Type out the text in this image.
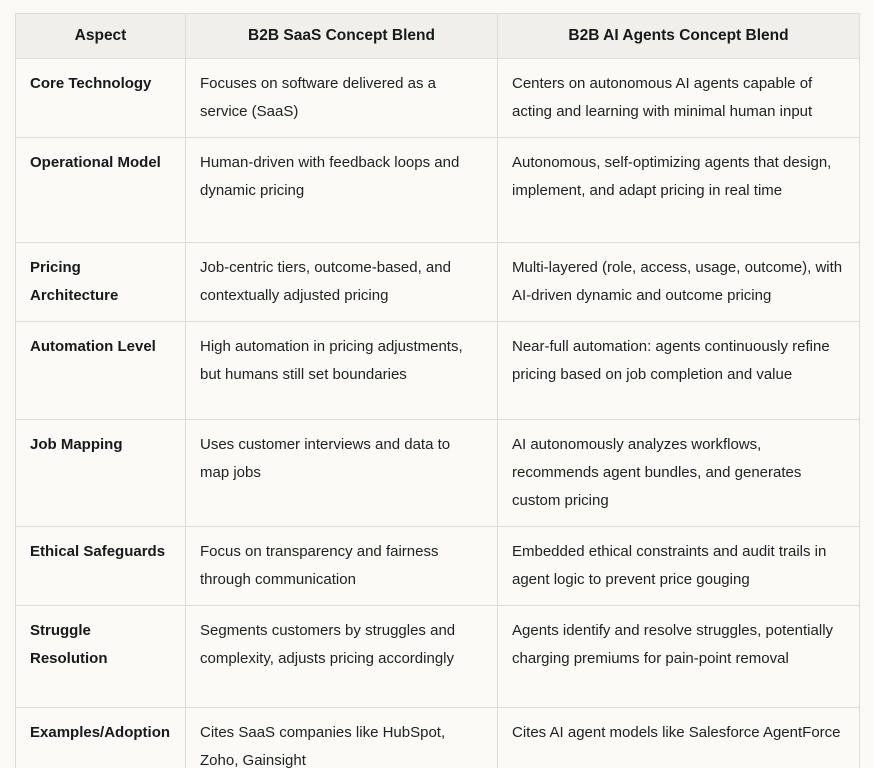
Aspect	B2B SaaS Concept Blend	B2B AI Agents Concept Blend
Core Technology	Focuses on software delivered as a service (SaaS)	Centers on autonomous AI agents capable of acting and learning with minimal human input
Operational Model	Human-driven with feedback loops and dynamic pricing	Autonomous, self-optimizing agents that design, implement, and adapt pricing in real time
Pricing Architecture	Job-centric tiers, outcome-based, and contextually adjusted pricing	Multi-layered (role, access, usage, outcome), with AI-driven dynamic and outcome pricing
Automation Level	High automation in pricing adjustments, but humans still set boundaries	Near-full automation: agents continuously refine pricing based on job completion and value
Job Mapping	Uses customer interviews and data to map jobs	AI autonomously analyzes workflows, recommends agent bundles, and generates custom pricing
Ethical Safeguards	Focus on transparency and fairness through communication	Embedded ethical constraints and audit trails in agent logic to prevent price gouging
Struggle Resolution	Segments customers by struggles and complexity, adjusts pricing accordingly	Agents identify and resolve struggles, potentially charging premiums for pain-point removal
Examples/Adoption	Cites SaaS companies like HubSpot, Zoho, Gainsight	Cites AI agent models like Salesforce AgentForce
